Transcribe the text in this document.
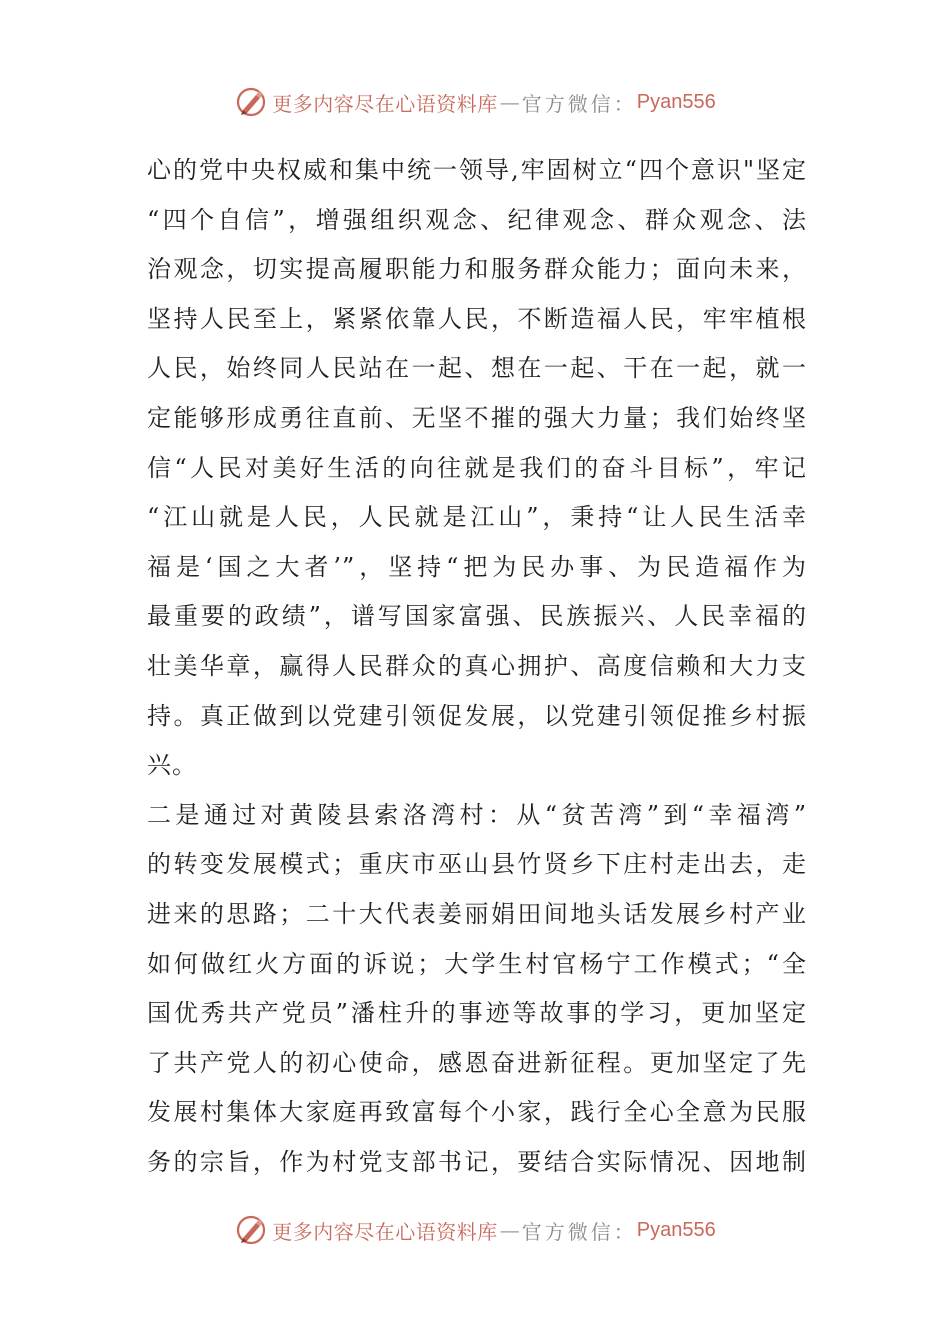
更多内容尽在心语资料库 — 官方微信： Pyan556
心的党中央权威和集中统一领导,牢固树立“四个意识"坚定
“四个自信”，增强组织观念、纪律观念、群众观念、法
治观念，切实提高履职能力和服务群众能力；面向未来，
坚持人民至上，紧紧依靠人民，不断造福人民，牢牢植根
人民，始终同人民站在一起、想在一起、干在一起，就一
定能够形成勇往直前、无坚不摧的强大力量；我们始终坚
信“人民对美好生活的向往就是我们的奋斗目标”，牢记
“江山就是人民，人民就是江山”，秉持“让人民生活幸
福是‘国之大者’”，坚持“把为民办事、为民造福作为
最重要的政绩”，谱写国家富强、民族振兴、人民幸福的
壮美华章，赢得人民群众的真心拥护、高度信赖和大力支
持。真正做到以党建引领促发展，以党建引领促推乡村振
兴。
二是通过对黄陵县索洛湾村：从“贫苦湾”到“幸福湾”
的转变发展模式；重庆市巫山县竹贤乡下庄村走出去，走
进来的思路；二十大代表姜丽娟田间地头话发展乡村产业
如何做红火方面的诉说；大学生村官杨宁工作模式；“全
国优秀共产党员”潘柱升的事迹等故事的学习，更加坚定
了共产党人的初心使命，感恩奋进新征程。更加坚定了先
发展村集体大家庭再致富每个小家，践行全心全意为民服
务的宗旨，作为村党支部书记，要结合实际情况、因地制
更多内容尽在心语资料库 — 官方微信： Pyan556
